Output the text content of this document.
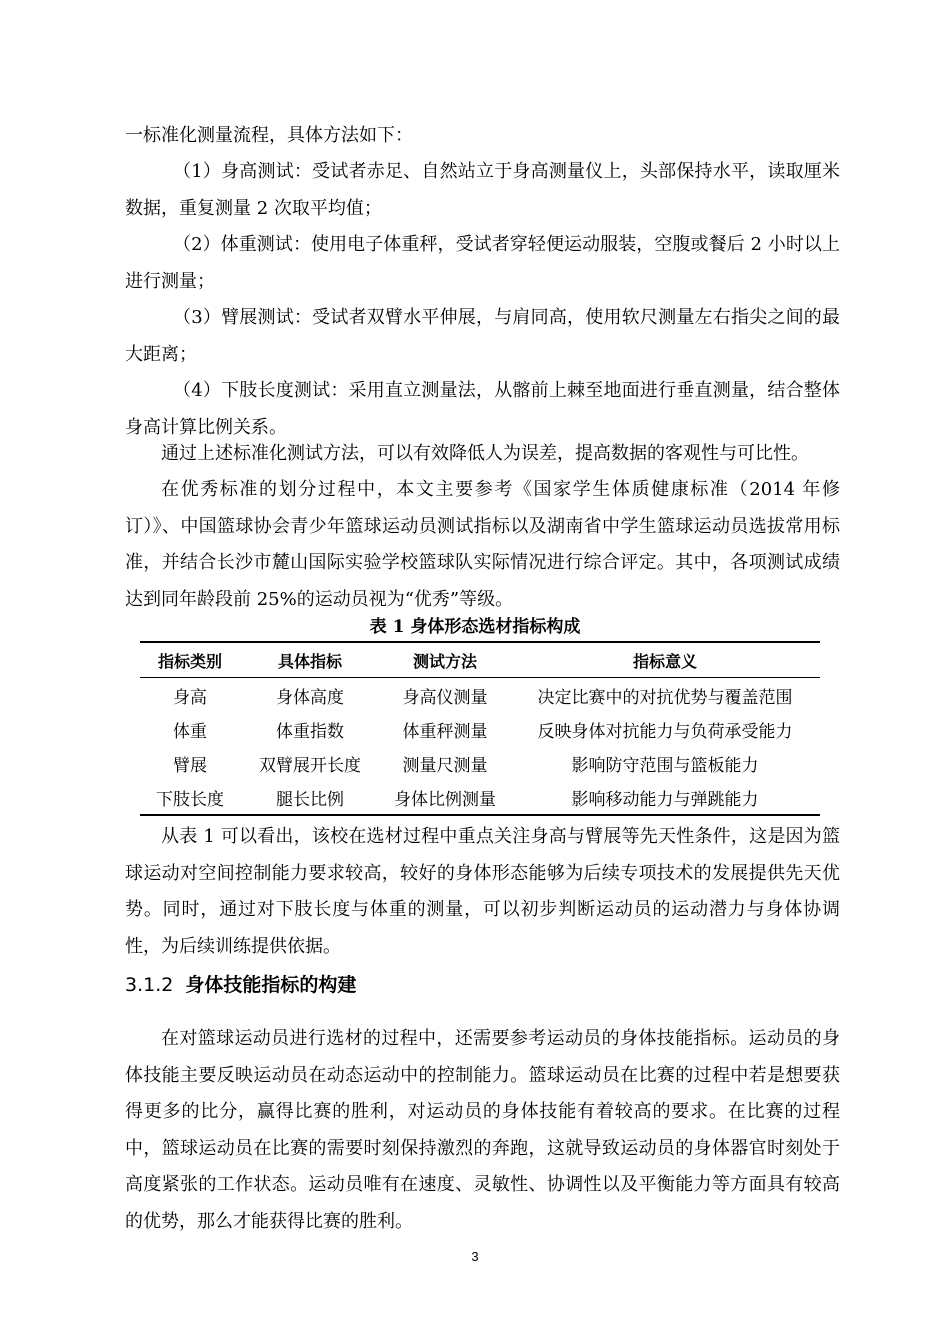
一标准化测量流程，具体方法如下：

（1）身高测试：受试者赤足、自然站立于身高测量仪上，头部保持水平，读取厘米数据，重复测量 2 次取平均值；

（2）体重测试：使用电子体重秤，受试者穿轻便运动服装，空腹或餐后 2 小时以上进行测量；

（3）臂展测试：受试者双臂水平伸展，与肩同高，使用软尺测量左右指尖之间的最大距离；

（4）下肢长度测试：采用直立测量法，从髂前上棘至地面进行垂直测量，结合整体身高计算比例关系。

通过上述标准化测试方法，可以有效降低人为误差，提高数据的客观性与可比性。

在优秀标准的划分过程中，本文主要参考《国家学生体质健康标准（2014 年修订）》、中国篮球协会青少年篮球运动员测试指标以及湖南省中学生篮球运动员选拔常用标准，并结合长沙市麓山国际实验学校篮球队实际情况进行综合评定。其中，各项测试成绩达到同年龄段前 25%的运动员视为“优秀”等级。

表 1 身体形态选材指标构成
指标类别	具体指标	测试方法	指标意义
身高	身体高度	身高仪测量	决定比赛中的对抗优势与覆盖范围
体重	体重指数	体重秤测量	反映身体对抗能力与负荷承受能力
臂展	双臂展开长度	测量尺测量	影响防守范围与篮板能力
下肢长度	腿长比例	身体比例测量	影响移动能力与弹跳能力

从表 1 可以看出，该校在选材过程中重点关注身高与臂展等先天性条件，这是因为篮球运动对空间控制能力要求较高，较好的身体形态能够为后续专项技术的发展提供先天优势。同时，通过对下肢长度与体重的测量，可以初步判断运动员的运动潜力与身体协调性，为后续训练提供依据。

3.1.2 身体技能指标的构建

在对篮球运动员进行选材的过程中，还需要参考运动员的身体技能指标。运动员的身体技能主要反映运动员在动态运动中的控制能力。篮球运动员在比赛的过程中若是想要获得更多的比分，赢得比赛的胜利，对运动员的身体技能有着较高的要求。在比赛的过程中，篮球运动员在比赛的需要时刻保持激烈的奔跑，这就导致运动员的身体器官时刻处于高度紧张的工作状态。运动员唯有在速度、灵敏性、协调性以及平衡能力等方面具有较高的优势，那么才能获得比赛的胜利。

3
